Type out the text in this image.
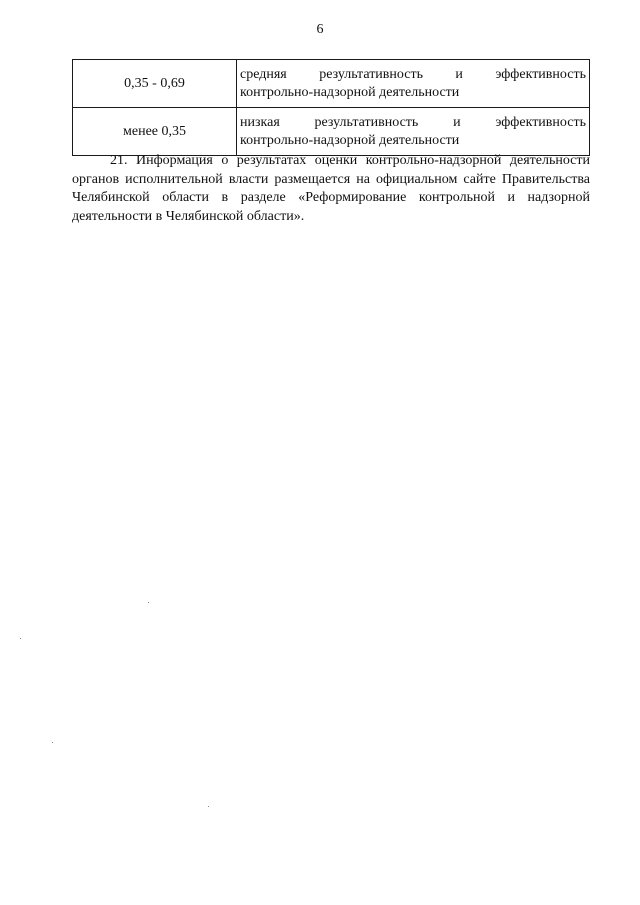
6
0,35 - 0,69	средняя результативность и эффективность
контрольно-надзорной деятельности

менее 0,35	низкая результативность и эффективность
контрольно-надзорной деятельности

21. Информация о результатах оценки контрольно-надзорной деятельности органов исполнительной власти размещается на официальном сайте Правительства Челябинской области в разделе «Реформирование контрольной и надзорной деятельности в Челябинской области».
